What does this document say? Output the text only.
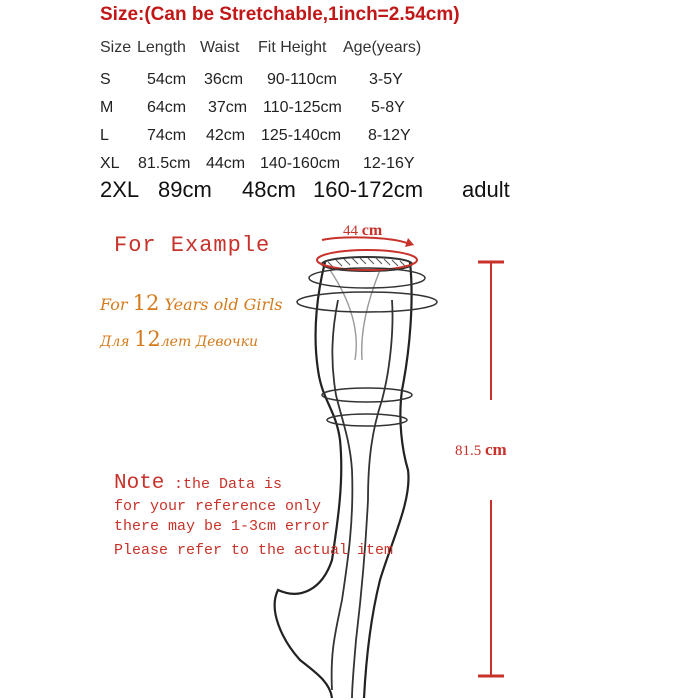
Size:(Can be Stretchable,1inch=2.54cm)
Size Length Waist Fit Height Age(years)
S 54cm 36cm 90-110cm 3-5Y
M 64cm 37cm 110-125cm 5-8Y
L 74cm 42cm 125-140cm 8-12Y
XL 81.5cm 44cm 140-160cm 12-16Y
2XL 89cm 48cm 160-172cm adult
For Example
For 12 Years old Girls
Для 12лет Девочки
44 cm
81.5 cm
Note :the Data is
for your reference only
there may be 1-3cm error
Please refer to the actual item
